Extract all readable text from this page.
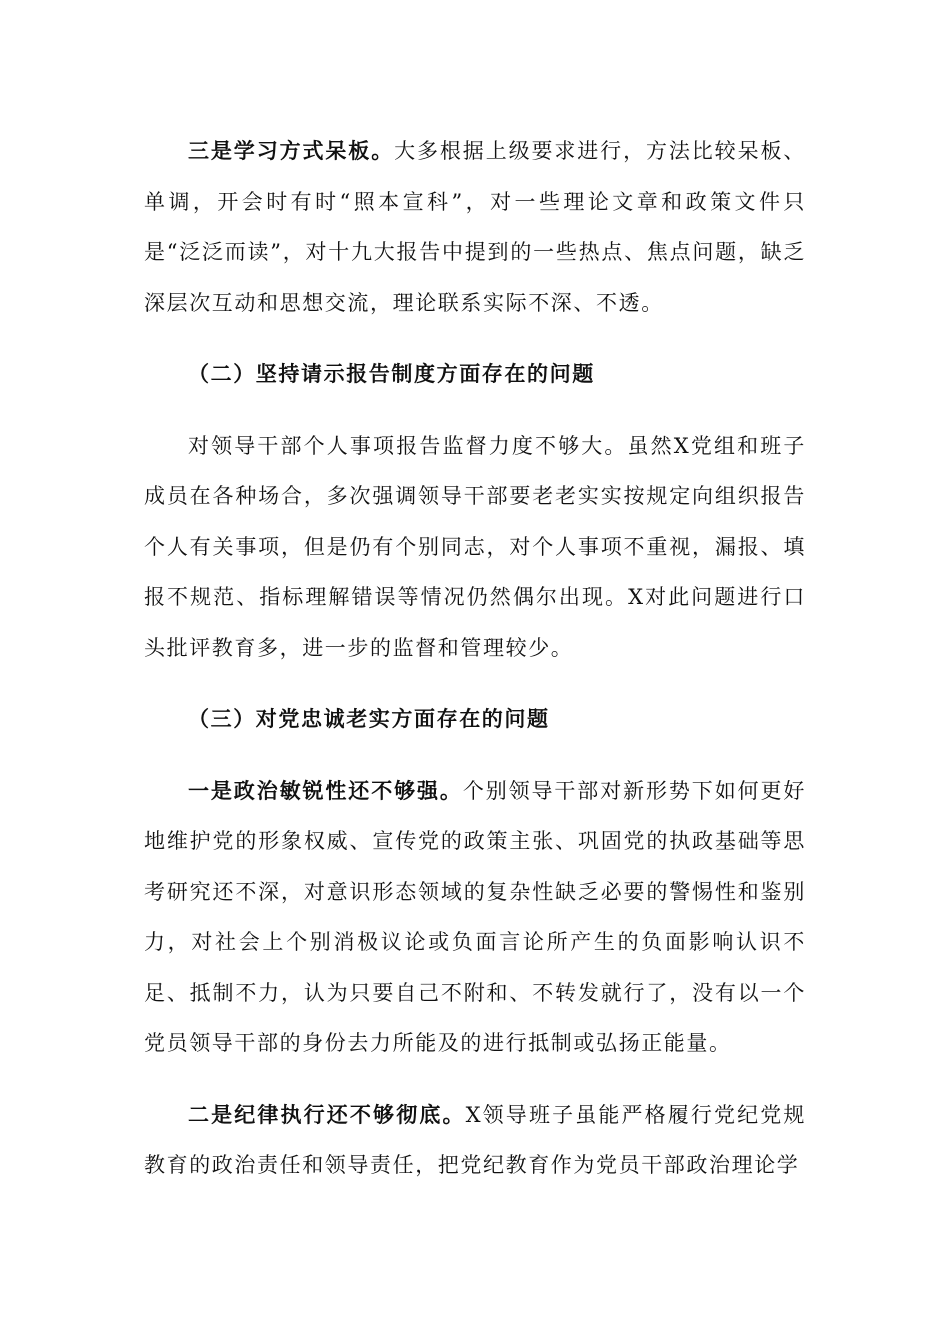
三是学习方式呆板。大多根据上级要求进行，方法比较呆板、单调，开会时有时“照本宣科”，对一些理论文章和政策文件只是“泛泛而读”，对十九大报告中提到的一些热点、焦点问题，缺乏深层次互动和思想交流，理论联系实际不深、不透。

（二）坚持请示报告制度方面存在的问题

对领导干部个人事项报告监督力度不够大。虽然X党组和班子成员在各种场合，多次强调领导干部要老老实实按规定向组织报告个人有关事项，但是仍有个别同志，对个人事项不重视，漏报、填报不规范、指标理解错误等情况仍然偶尔出现。X对此问题进行口头批评教育多，进一步的监督和管理较少。

（三）对党忠诚老实方面存在的问题

一是政治敏锐性还不够强。个别领导干部对新形势下如何更好地维护党的形象权威、宣传党的政策主张、巩固党的执政基础等思考研究还不深，对意识形态领域的复杂性缺乏必要的警惕性和鉴别力，对社会上个别消极议论或负面言论所产生的负面影响认识不足、抵制不力，认为只要自己不附和、不转发就行了，没有以一个党员领导干部的身份去力所能及的进行抵制或弘扬正能量。

二是纪律执行还不够彻底。X领导班子虽能严格履行党纪党规教育的政治责任和领导责任，把党纪教育作为党员干部政治理论学
